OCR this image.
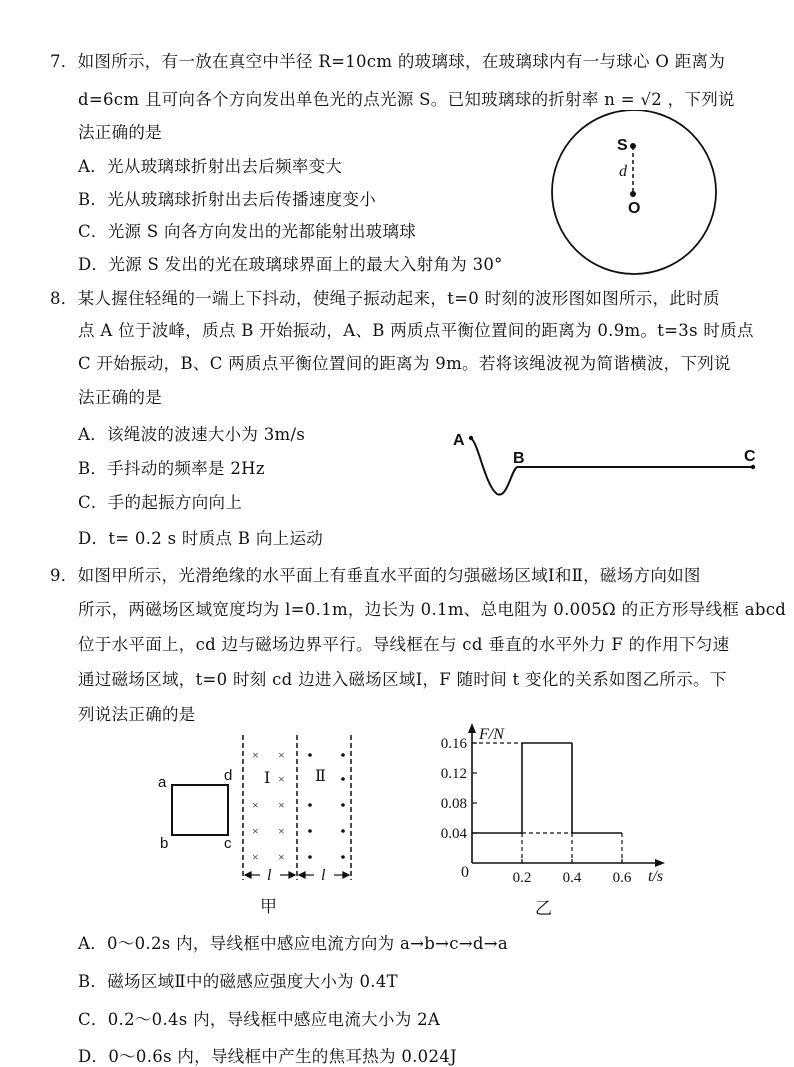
7．如图所示，有一放在真空中半径 R=10cm 的玻璃球，在玻璃球内有一与球心 O 距离为
d=6cm 且可向各个方向发出单色光的点光源 S。已知玻璃球的折射率 n = √2 ，下列说
法正确的是
A．光从玻璃球折射出去后频率变大
B．光从玻璃球折射出去后传播速度变小
C．光源 S 向各方向发出的光都能射出玻璃球
D．光源 S 发出的光在玻璃球界面上的最大入射角为 30°
S
d
O
8．某人握住轻绳的一端上下抖动，使绳子振动起来，t=0 时刻的波形图如图所示，此时质
点 A 位于波峰，质点 B 开始振动，A、B 两质点平衡位置间的距离为 0.9m。t=3s 时质点
C 开始振动，B、C 两质点平衡位置间的距离为 9m。若将该绳波视为简谐横波，下列说
法正确的是
A．该绳波的波速大小为 3m/s
B．手抖动的频率是 2Hz
C．手的起振方向向上
D．t= 0.2 s 时质点 B 向上运动
A
B	C
9．如图甲所示，光滑绝缘的水平面上有垂直水平面的匀强磁场区域Ⅰ和Ⅱ，磁场方向如图
所示，两磁场区域宽度均为 l=0.1m，边长为 0.1m、总电阻为 0.005Ω 的正方形导线框 abcd
位于水平面上，cd 边与磁场边界平行。导线框在与 cd 垂直的水平外力 F 的作用下匀速
通过磁场区域，t=0 时刻 cd 边进入磁场区域Ⅰ，F 随时间 t 变化的关系如图乙所示。下
列说法正确的是
a
b	c
d
× ×
×
× ×
× ×
× ×
Ⅰ	Ⅱ
l	l
甲
F/N
t/s
0
0.04
0.08
0.12
0.16
0.2 0.4 0.6
乙
A．0～0.2s 内，导线框中感应电流方向为 a→b→c→d→a
B．磁场区域Ⅱ中的磁感应强度大小为 0.4T
C．0.2～0.4s 内，导线框中感应电流大小为 2A
D．0～0.6s 内，导线框中产生的焦耳热为 0.024J
